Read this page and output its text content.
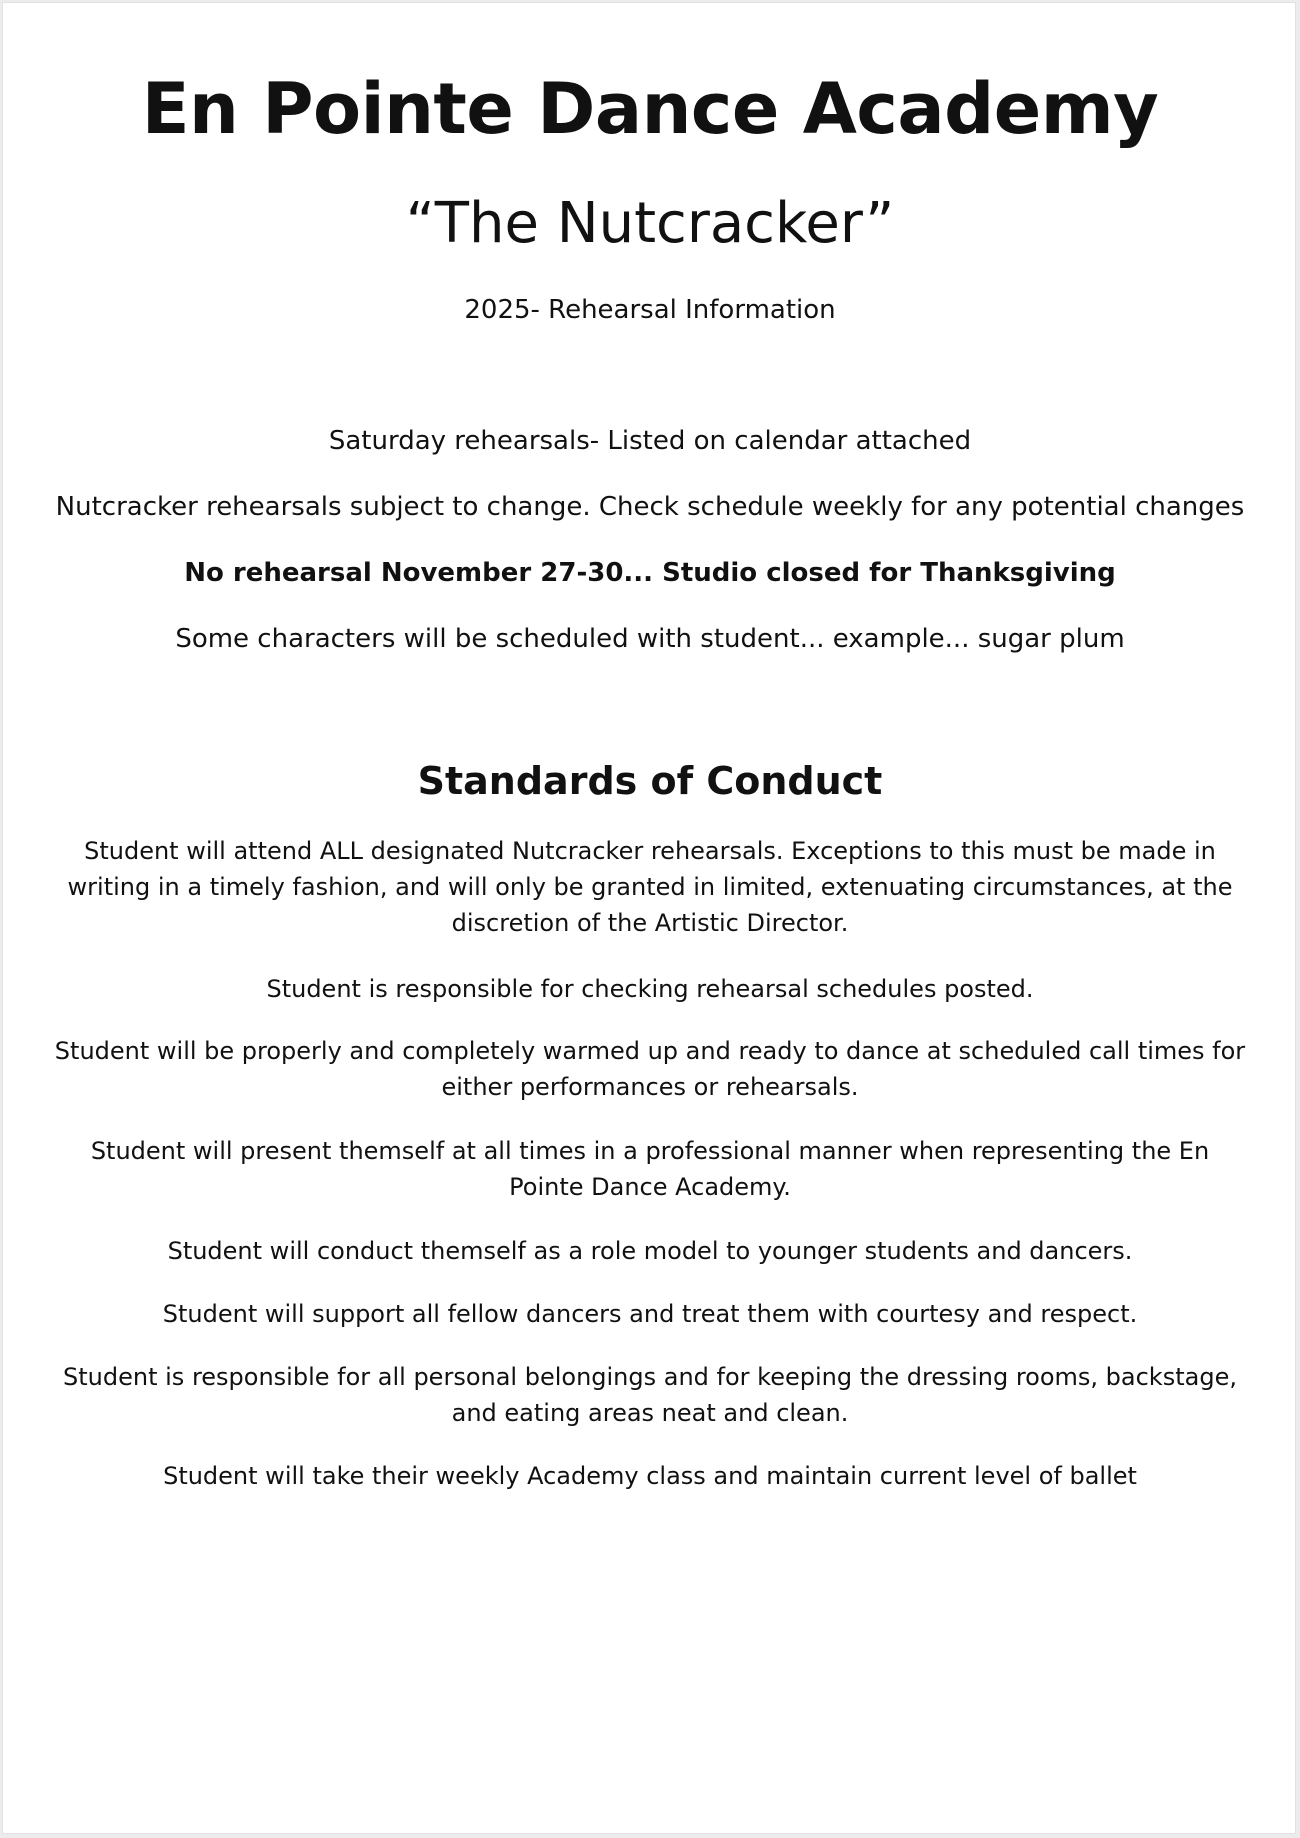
En Pointe Dance Academy
“The Nutcracker”
2025- Rehearsal Information
Saturday rehearsals- Listed on calendar attached
Nutcracker rehearsals subject to change. Check schedule weekly for any potential changes
No rehearsal November 27-30... Studio closed for Thanksgiving
Some characters will be scheduled with student... example... sugar plum
Standards of Conduct
Student will attend ALL designated Nutcracker rehearsals. Exceptions to this must be made in writing in a timely fashion, and will only be granted in limited, extenuating circumstances, at the discretion of the Artistic Director.
Student is responsible for checking rehearsal schedules posted.
Student will be properly and completely warmed up and ready to dance at scheduled call times for either performances or rehearsals.
Student will present themself at all times in a professional manner when representing the En Pointe Dance Academy.
Student will conduct themself as a role model to younger students and dancers.
Student will support all fellow dancers and treat them with courtesy and respect.
Student is responsible for all personal belongings and for keeping the dressing rooms, backstage, and eating areas neat and clean.
Student will take their weekly Academy class and maintain current level of ballet
